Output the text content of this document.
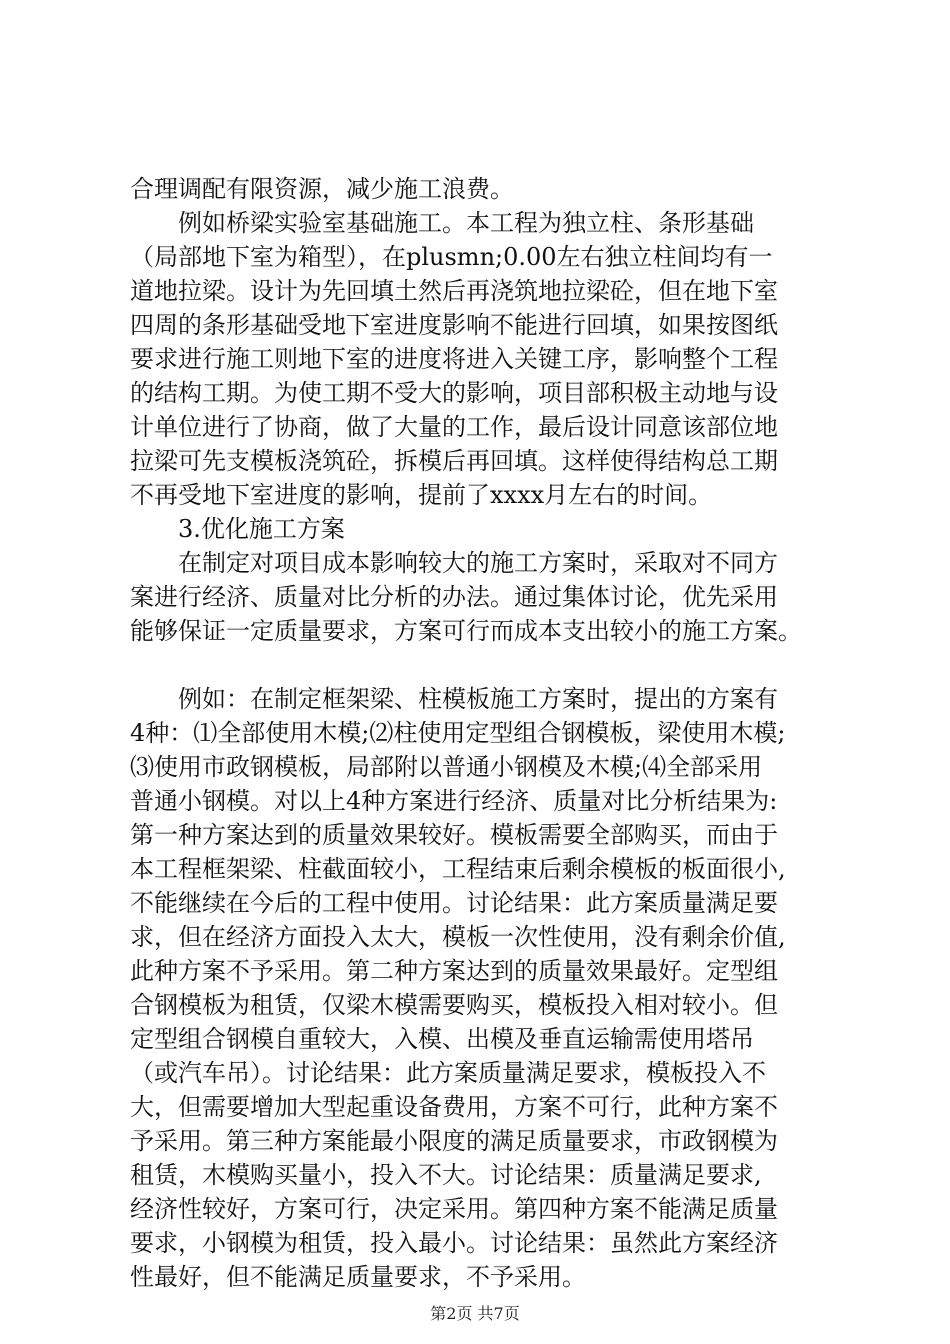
合理调配有限资源，减少施工浪费。
例如桥梁实验室基础施工。本工程为独立柱、条形基础
（局部地下室为箱型），在plusmn;0.00左右独立柱间均有一
道地拉梁。设计为先回填土然后再浇筑地拉梁砼，但在地下室
四周的条形基础受地下室进度影响不能进行回填，如果按图纸
要求进行施工则地下室的进度将进入关键工序，影响整个工程
的结构工期。为使工期不受大的影响，项目部积极主动地与设
计单位进行了协商，做了大量的工作，最后设计同意该部位地
拉梁可先支模板浇筑砼，拆模后再回填。这样使得结构总工期
不再受地下室进度的影响，提前了xxxx月左右的时间。
3.优化施工方案
在制定对项目成本影响较大的施工方案时，采取对不同方
案进行经济、质量对比分析的办法。通过集体讨论，优先采用
能够保证一定质量要求，方案可行而成本支出较小的施工方案。
例如：在制定框架梁、柱模板施工方案时，提出的方案有
4种：⑴全部使用木模;⑵柱使用定型组合钢模板，梁使用木模;
⑶使用市政钢模板，局部附以普通小钢模及木模;⑷全部采用
普通小钢模。对以上4种方案进行经济、质量对比分析结果为:
第一种方案达到的质量效果较好。模板需要全部购买，而由于
本工程框架梁、柱截面较小，工程结束后剩余模板的板面很小,
不能继续在今后的工程中使用。讨论结果：此方案质量满足要
求，但在经济方面投入太大，模板一次性使用，没有剩余价值,
此种方案不予采用。第二种方案达到的质量效果最好。定型组
合钢模板为租赁，仅梁木模需要购买，模板投入相对较小。但
定型组合钢模自重较大，入模、出模及垂直运输需使用塔吊
（或汽车吊）。讨论结果：此方案质量满足要求，模板投入不
大，但需要增加大型起重设备费用，方案不可行，此种方案不
予采用。第三种方案能最小限度的满足质量要求，市政钢模为
租赁，木模购买量小，投入不大。讨论结果：质量满足要求,
经济性较好，方案可行，决定采用。第四种方案不能满足质量
要求，小钢模为租赁，投入最小。讨论结果：虽然此方案经济
性最好，但不能满足质量要求，不予采用。
第2页 共7页
